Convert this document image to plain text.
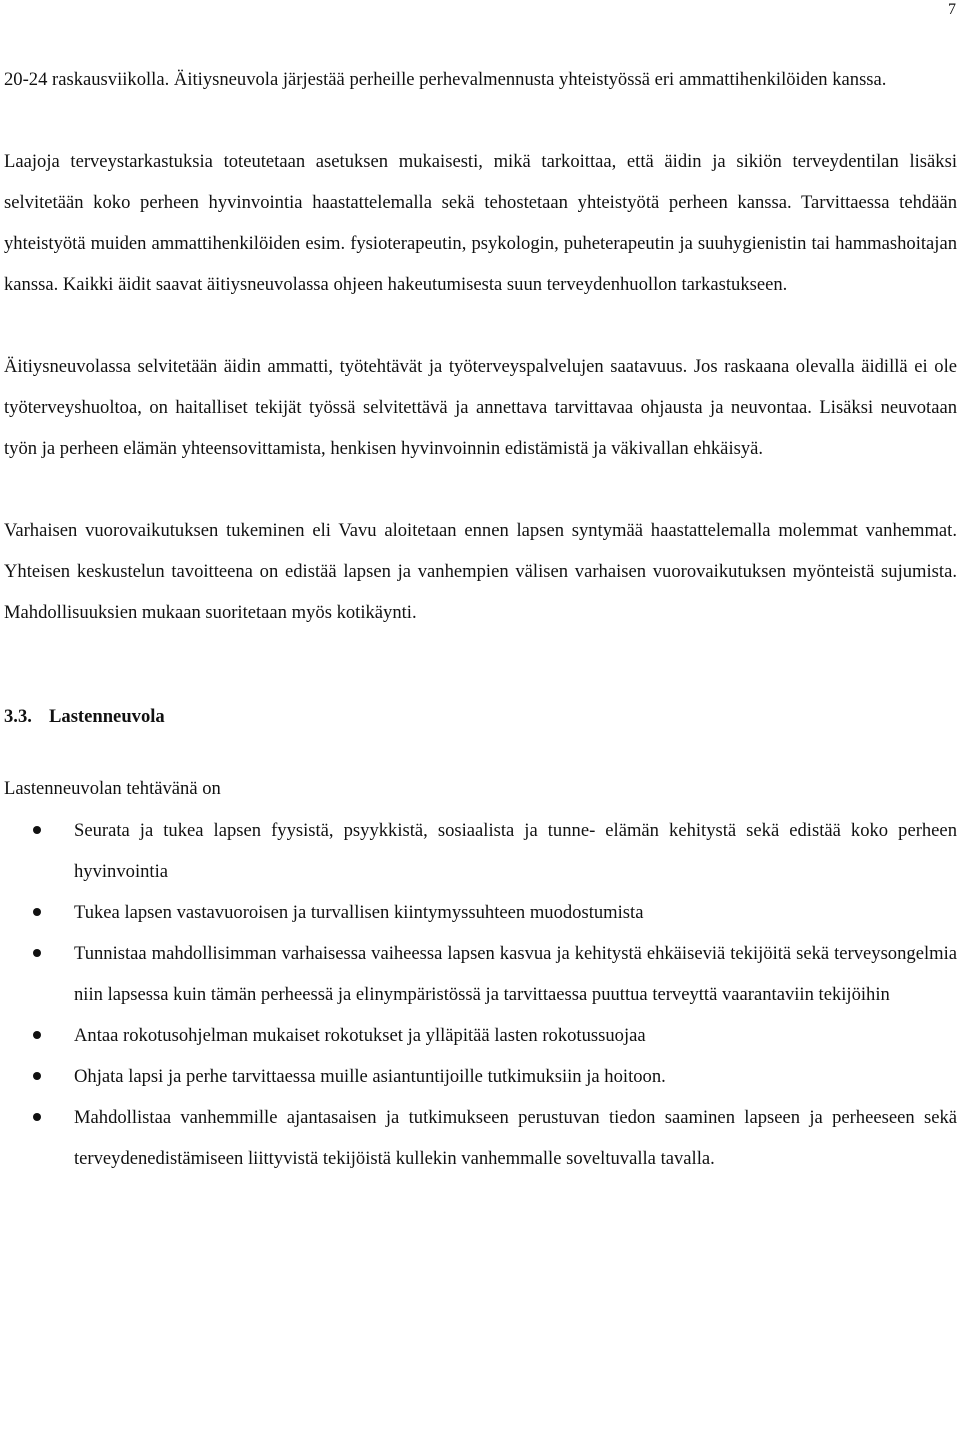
7

20-24 raskausviikolla. Äitiysneuvola järjestää perheille perhevalmennusta yhteistyössä eri ammattihenkilöiden kanssa.

Laajoja terveystarkastuksia toteutetaan asetuksen mukaisesti, mikä tarkoittaa, että äidin ja sikiön terveydentilan lisäksi selvitetään koko perheen hyvinvointia haastattelemalla sekä tehostetaan yhteistyötä perheen kanssa. Tarvittaessa tehdään yhteistyötä muiden ammattihenkilöiden esim. fysioterapeutin, psykologin, puheterapeutin ja suuhygienistin tai hammashoitajan kanssa. Kaikki äidit saavat äitiysneuvolassa ohjeen hakeutumisesta suun terveydenhuollon tarkastukseen.

Äitiysneuvolassa selvitetään äidin ammatti, työtehtävät ja työterveyspalvelujen saatavuus. Jos raskaana olevalla äidillä ei ole työterveyshuoltoa, on haitalliset tekijät työssä selvitettävä ja annettava tarvittavaa ohjausta ja neuvontaa. Lisäksi neuvotaan työn ja perheen elämän yhteensovittamista, henkisen hyvinvoinnin edistämistä ja väkivallan ehkäisyä.

Varhaisen vuorovaikutuksen tukeminen eli Vavu aloitetaan ennen lapsen syntymää haastattelemalla molemmat vanhemmat. Yhteisen keskustelun tavoitteena on edistää lapsen ja vanhempien välisen varhaisen vuorovaikutuksen myönteistä sujumista. Mahdollisuuksien mukaan suoritetaan myös kotikäynti.

3.3. Lastenneuvola

Lastenneuvolan tehtävänä on

Seurata ja tukea lapsen fyysistä, psyykkistä, sosiaalista ja tunne- elämän kehitystä sekä edistää koko perheen hyvinvointia
Tukea lapsen vastavuoroisen ja turvallisen kiintymyssuhteen muodostumista
Tunnistaa mahdollisimman varhaisessa vaiheessa lapsen kasvua ja kehitystä ehkäiseviä tekijöitä sekä terveysongelmia niin lapsessa kuin tämän perheessä ja elinympäristössä ja tarvittaessa puuttua terveyttä vaarantaviin tekijöihin
Antaa rokotusohjelman mukaiset rokotukset ja ylläpitää lasten rokotussuojaa
Ohjata lapsi ja perhe tarvittaessa muille asiantuntijoille tutkimuksiin ja hoitoon.
Mahdollistaa vanhemmille ajantasaisen ja tutkimukseen perustuvan tiedon saaminen lapseen ja perheeseen sekä terveydenedistämiseen liittyvistä tekijöistä kullekin vanhemmalle soveltuvalla tavalla.
